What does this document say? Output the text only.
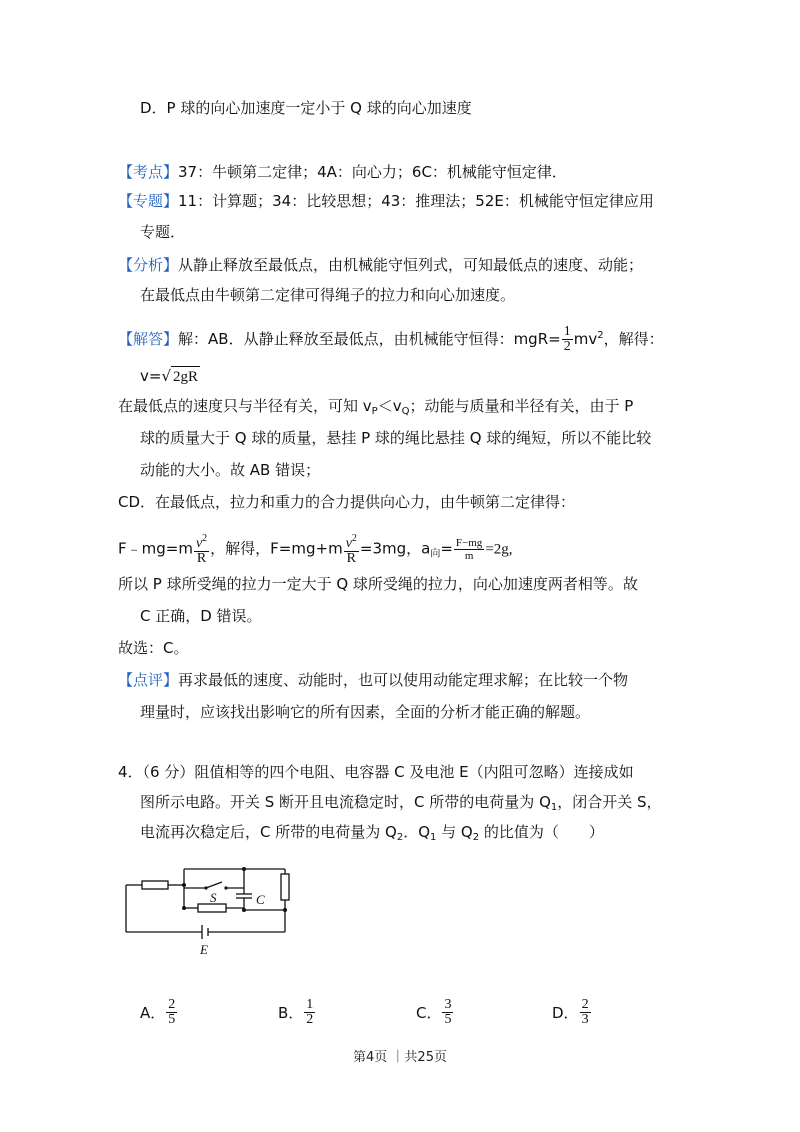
D．P 球的向心加速度一定小于 Q 球的向心加速度
【考点】37：牛顿第二定律；4A：向心力；6C：机械能守恒定律．
【专题】11：计算题；34：比较思想；43：推理法；52E：机械能守恒定律应用
专题．
【分析】从静止释放至最低点，由机械能守恒列式，可知最低点的速度、动能；
在最低点由牛顿第二定律可得绳子的拉力和向心加速度。
【解答】解：AB．从静止释放至最低点，由机械能守恒得：$mgR= \frac{1}{2} mv^2$，解得：
v=√ 2gR
在最低点的速度只与半径有关，可知 $v_P<v_Q$；动能与质量和半径有关，由于 P
球的质量大于 Q 球的质量，悬挂 P 球的绳比悬挂 Q 球的绳短，所以不能比较
动能的大小。故 AB 错误；
CD．在最低点，拉力和重力的合力提供向心力，由牛顿第二定律得：
F﹣mg=m $\frac{v^2}{R}$ ，解得，$F=mg+m \frac{v^2}{R} =3mg$，$a_向= \frac{F-mg}{m} =2g$,
所以 P 球所受绳的拉力一定大于 Q 球所受绳的拉力，向心加速度两者相等。故
C 正确，D 错误。
故选：C。
【点评】再求最低的速度、动能时，也可以使用动能定理求解；在比较一个物
理量时，应该找出影响它的所有因素，全面的分析才能正确的解题。
4．（6 分）阻值相等的四个电阻、电容器 C 及电池 E（内阻可忽略）连接成如
图所示电路。开关 S 断开且电流稳定时，C 所带的电荷量为 $Q_1$，闭合开关 S，
电流再次稳定后，C 所带的电荷量为 $Q_2$．$Q_1$ 与 $Q_2$ 的比值为（　　）
S	C
E
A． $\frac{2}{5}$	B． $\frac{1}{2}$	C． $\frac{3}{5}$	D． $\frac{2}{3}$
第4页 ｜共25页
